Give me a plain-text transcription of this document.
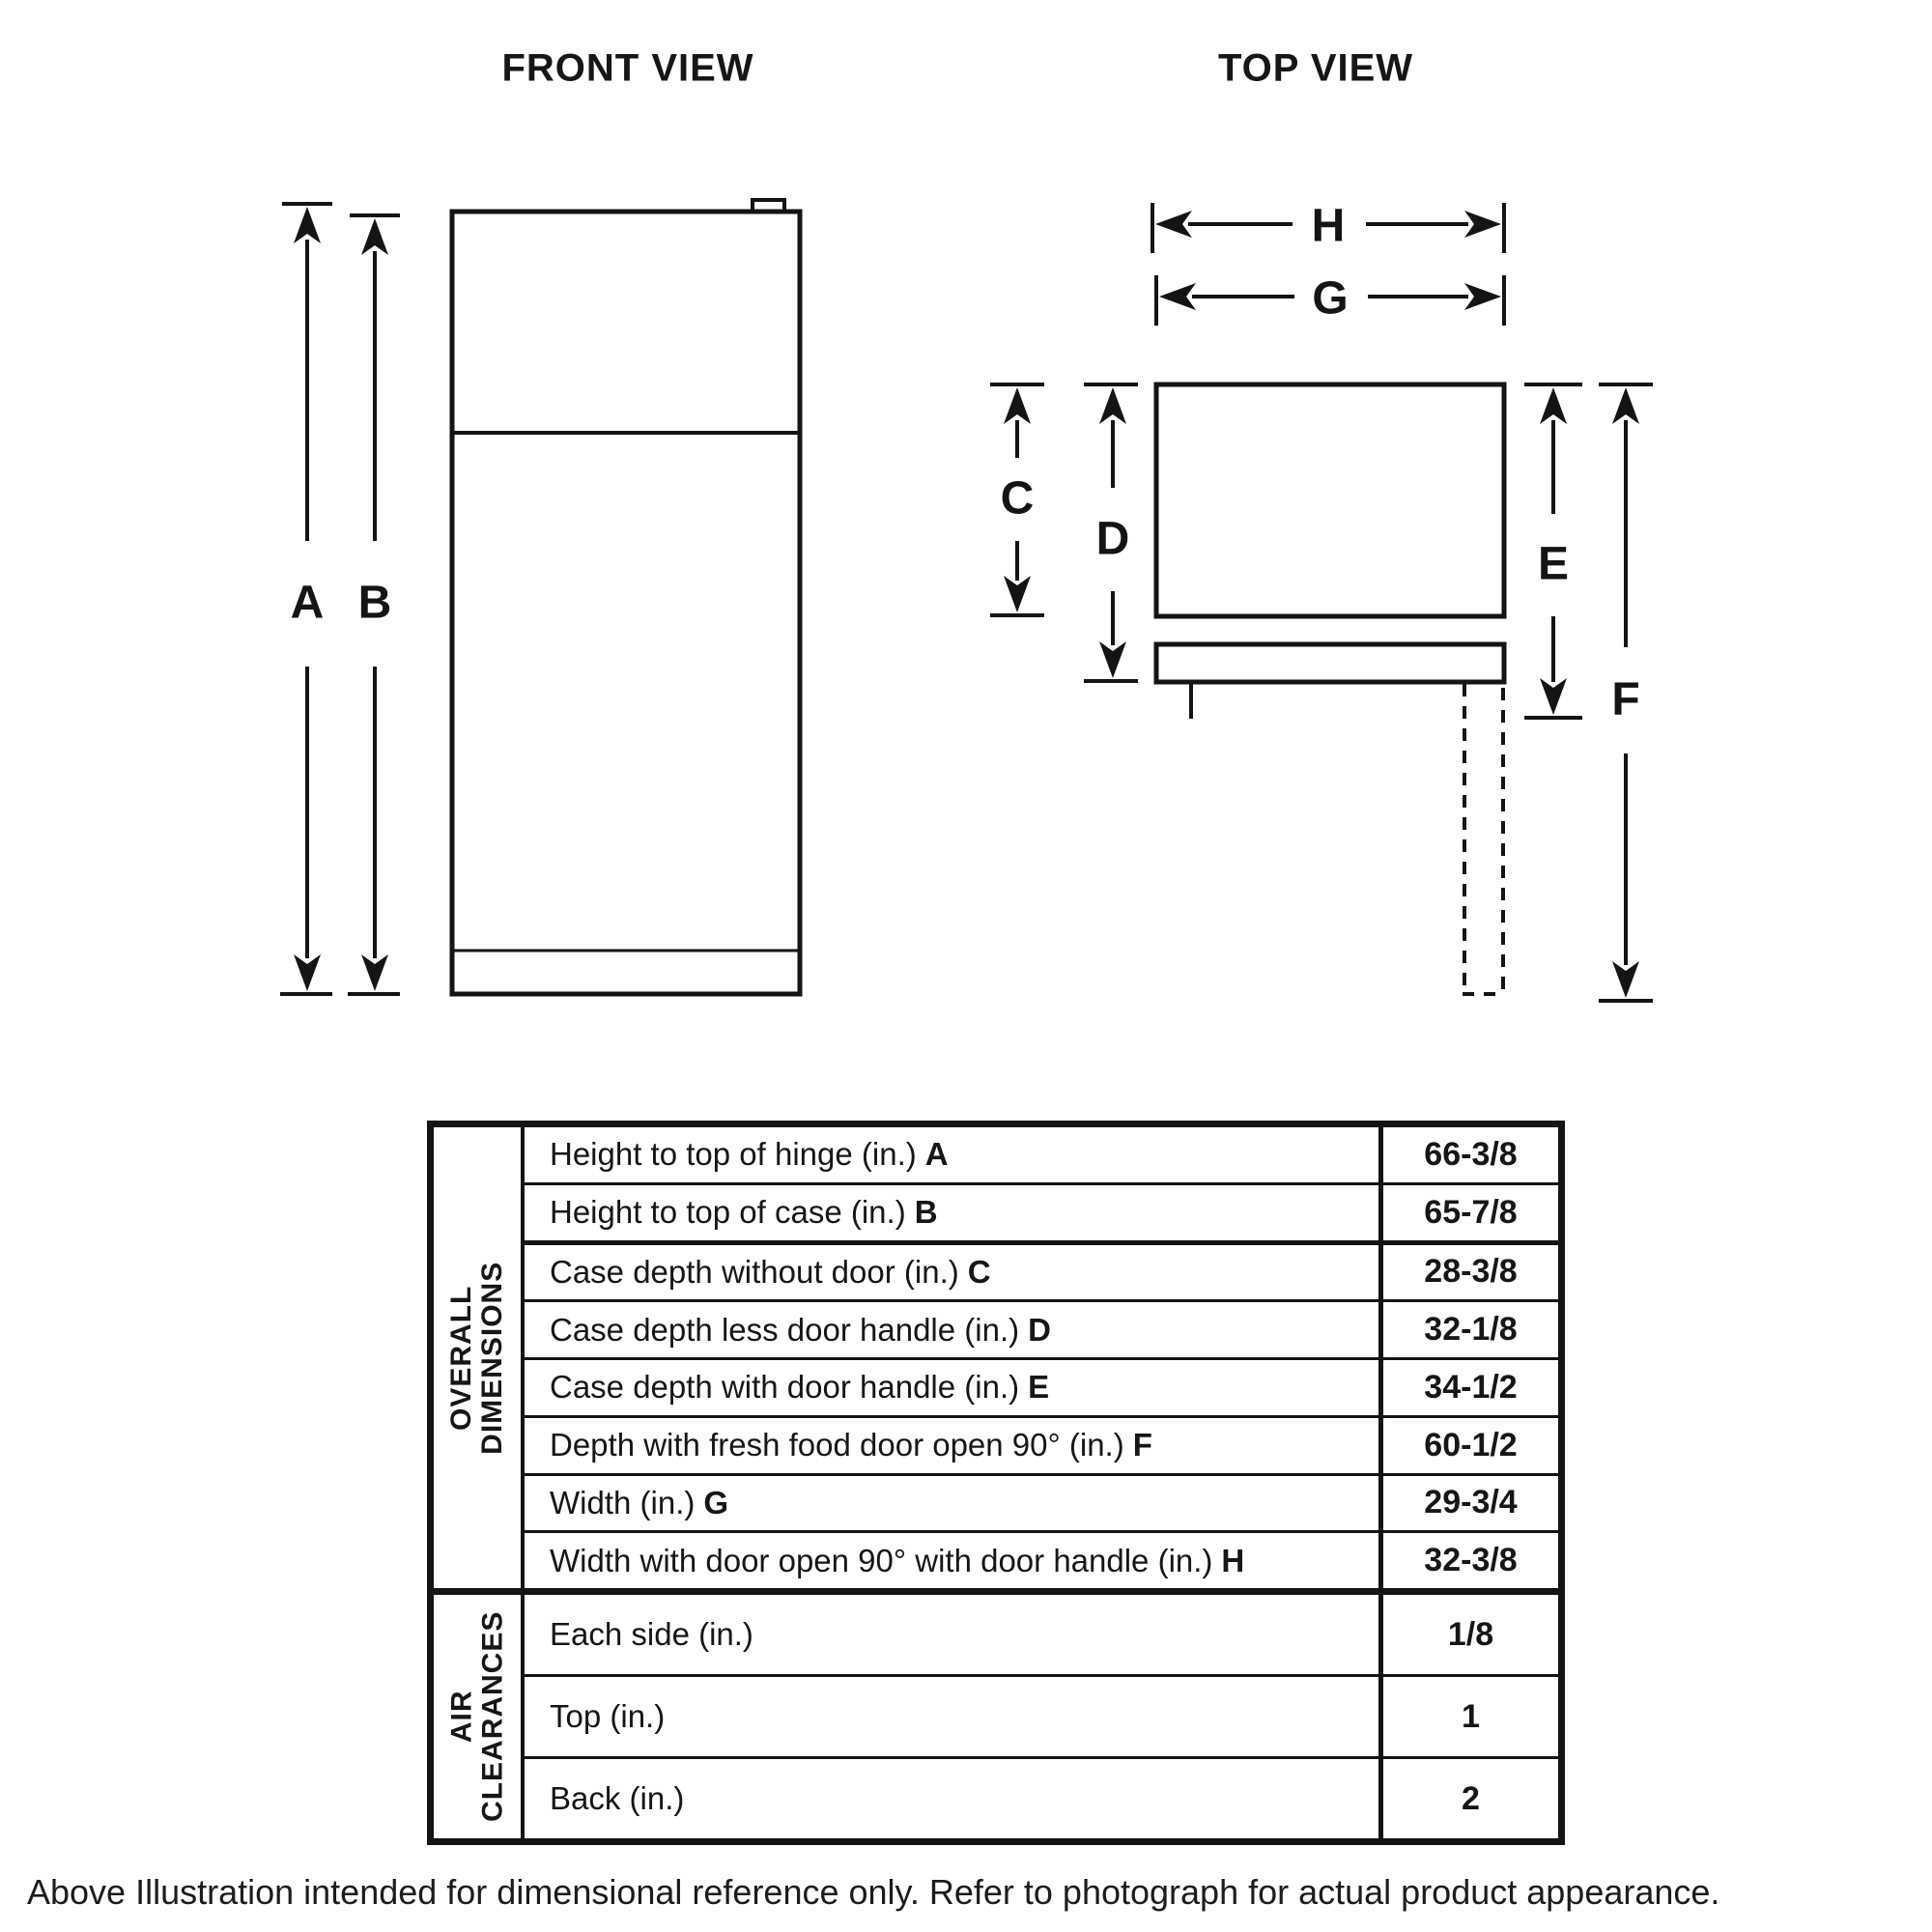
FRONT VIEW	TOP VIEW
A B
H
G
C
D	E
F
OVERALL
DIMENSIONS
Height to top of hinge (in.) A	66-3/8
Height to top of case (in.) B	65-7/8
Case depth without door (in.) C	28-3/8
Case depth less door handle (in.) D	32-1/8
Case depth with door handle (in.) E	34-1/2
Depth with fresh food door open 90° (in.) F	60-1/2
Width (in.) G	29-3/4
Width with door open 90° with door handle (in.) H	32-3/8
AIR
CLEARANCES Each side (in.)	1/8
Top (in.)	1
Back (in.)	2
Above Illustration intended for dimensional reference only. Refer to photograph for actual product appearance.
